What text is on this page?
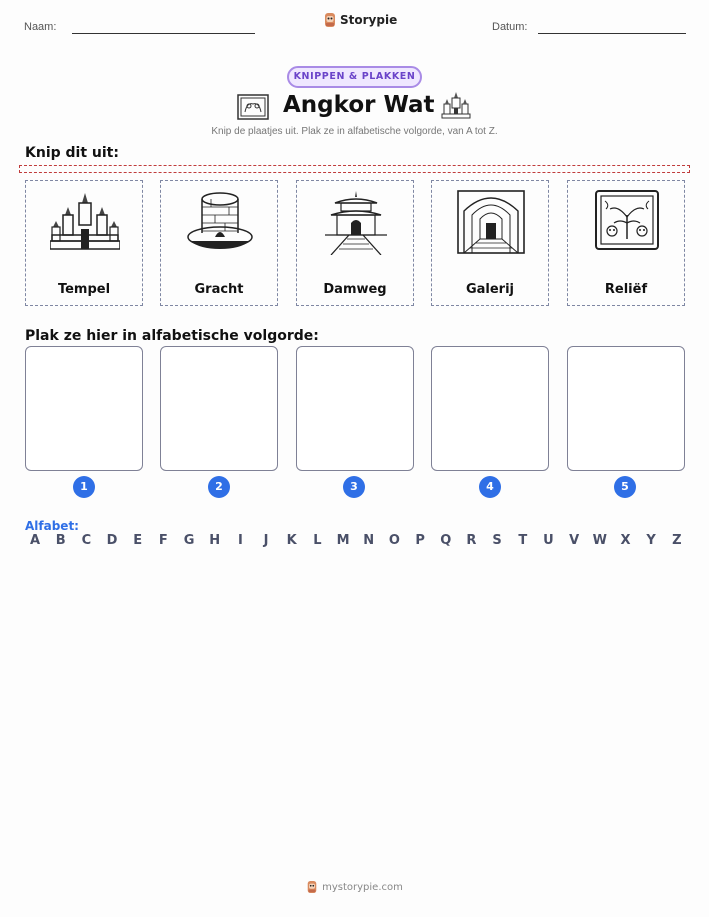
Naam:	Storypie	Datum:
KNIPPEN & PLAKKEN
Angkor Wat
Knip de plaatjes uit. Plak ze in alfabetische volgorde, van A tot Z.
Knip dit uit:
Tempel	Gracht	Damweg	Galerij	Reliëf
Plak ze hier in alfabetische volgorde:
1	2	3	4	5
Alfabet:
A	B	C	D	E	F	G H	I	J	K	L	M N O	P	Q	R	S	T	U	V	W	X	Y	Z
mystorypie.com
